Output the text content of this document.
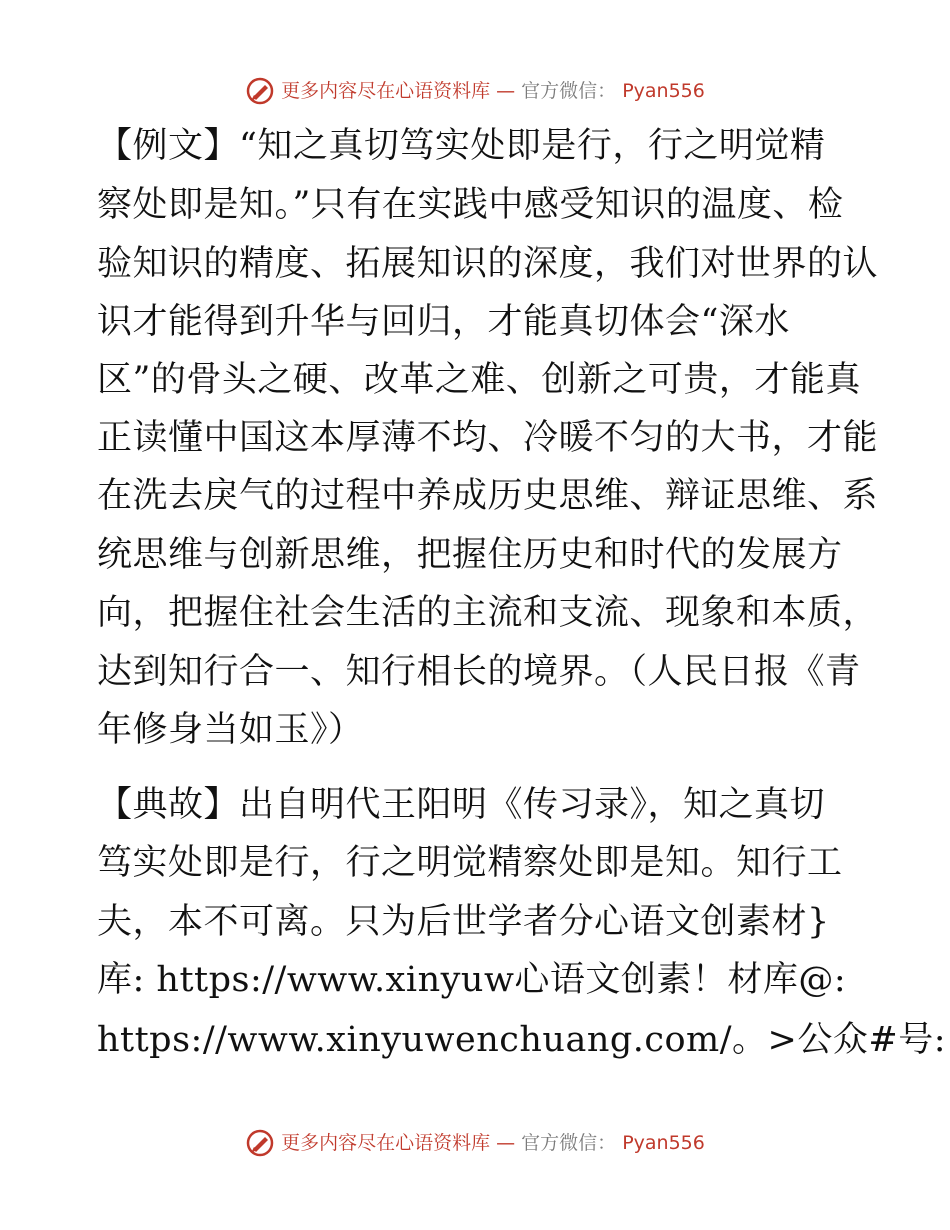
更多内容尽在心语资料库 — 官方微信： Pyan556
【例文】“知之真切笃实处即是行，行之明觉精
察处即是知。”只有在实践中感受知识的温度、检
验知识的精度、拓展知识的深度，我们对世界的认
识才能得到升华与回归，才能真切体会“深水
区”的骨头之硬、改革之难、创新之可贵，才能真
正读懂中国这本厚薄不均、冷暖不匀的大书，才能
在洗去戾气的过程中养成历史思维、辩证思维、系
统思维与创新思维，把握住历史和时代的发展方
向，把握住社会生活的主流和支流、现象和本质，
达到知行合一、知行相长的境界。（人民日报《青
年修身当如玉》）
【典故】出自明代王阳明《传习录》，知之真切
笃实处即是行，行之明觉精察处即是知。知行工
夫，本不可离。只为后世学者分心语文创素材}
库: https://www.xinyuw心语文创素！材库@:
https://www.xinyuwenchuang.com/。>公众#号:
更多内容尽在心语资料库 — 官方微信： Pyan556
